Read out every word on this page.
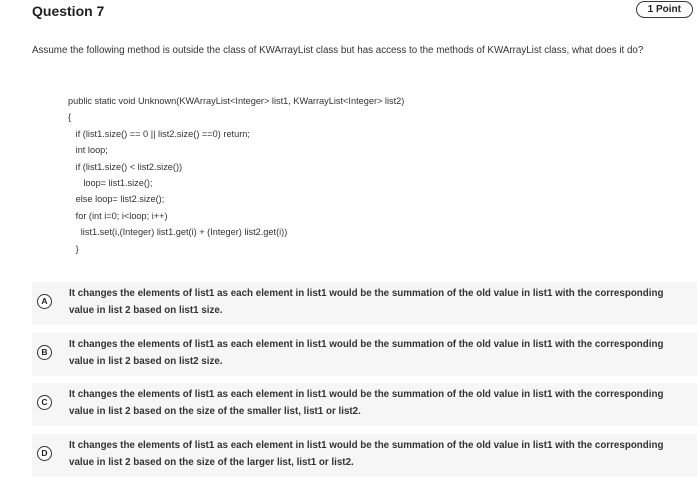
Question 7	1 Point
Assume the following method is outside the class of KWArrayList class but has access to the methods of KWArrayList class, what does it do?
public static void Unknown(KWArrayList<Integer> list1, KWarrayList<Integer> list2)
{
if (list1.size() == 0 || list2.size() ==0) return;
int loop;
if (list1.size() < list2.size())
loop= list1.size();
else loop= list2.size();
for (int i=0; i<loop; i++)
list1.set(i,(Integer) list1.get(i) + (Integer) list2.get(i))
}
A
It changes the elements of list1 as each element in list1 would be the summation of the old value in list1 with the corresponding value in list 2 based on list1 size.
B
It changes the elements of list1 as each element in list1 would be the summation of the old value in list1 with the corresponding value in list 2 based on list2 size.
C
It changes the elements of list1 as each element in list1 would be the summation of the old value in list1 with the corresponding value in list 2 based on the size of the smaller list, list1 or list2.
D
It changes the elements of list1 as each element in list1 would be the summation of the old value in list1 with the corresponding value in list 2 based on the size of the larger list, list1 or list2.
